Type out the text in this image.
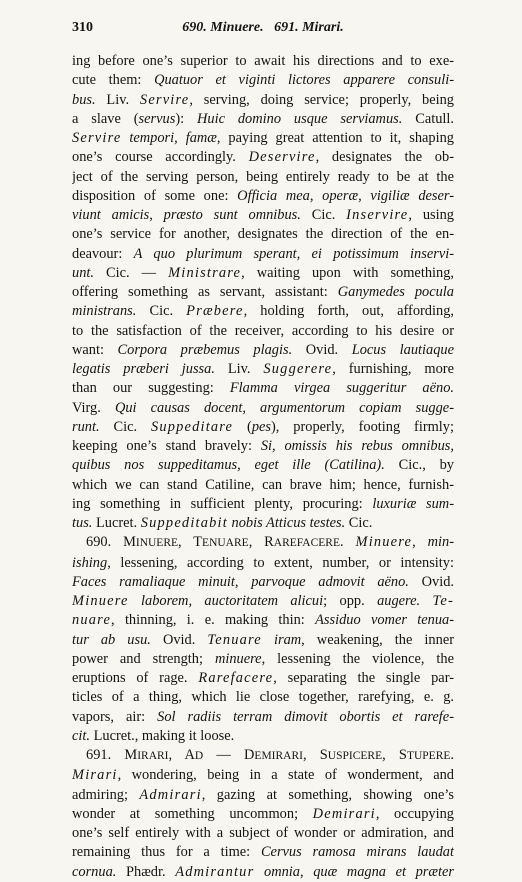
310	690. Minuere. 691. Mirari.
ing before one’s superior to await his directions and to exe-
cute them: Quatuor et viginti lictores apparere consuli-
bus. Liv. Servire, serving, doing service; properly, being
a slave (servus): Huic domino usque serviamus. Catull.
Servire tempori, famæ, paying great attention to it, shaping
one’s course accordingly. Deservire, designates the ob-
ject of the serving person, being entirely ready to be at the
disposition of some one: Officia mea, operæ, vigiliæ deser-
viunt amicis, præsto sunt omnibus. Cic. Inservire, using
one’s service for another, designates the direction of the en-
deavour: A quo plurimum sperant, ei potissimum inservi-
unt. Cic. — Ministrare, waiting upon with something,
offering something as servant, assistant: Ganymedes pocula
ministrans. Cic. Præbere, holding forth, out, affording,
to the satisfaction of the receiver, according to his desire or
want: Corpora præbemus plagis. Ovid. Locus lautiaque
legatis præberi jussa. Liv. Suggerere, furnishing, more
than our suggesting: Flamma virgea suggeritur aëno.
Virg. Qui causas docent, argumentorum copiam sugge-
runt. Cic. Suppeditare (pes), properly, footing firmly;
keeping one’s stand bravely: Si, omissis his rebus omnibus,
quibus nos suppeditamus, eget ille (Catilina). Cic., by
which we can stand Catiline, can brave him; hence, furnish-
ing something in sufficient plenty, procuring: luxuriæ sum-
tus. Lucret. Suppeditabit nobis Atticus testes. Cic.
690. MINUERE, TENUARE, RAREFACERE. Minuere, min-
ishing, lessening, according to extent, number, or intensity:
Faces ramaliaque minuit, parvoque admovit aëno. Ovid.
Minuere laborem, auctoritatem alicui; opp. augere. Te-
nuare, thinning, i. e. making thin: Assiduo vomer tenua-
tur ab usu. Ovid. Tenuare iram, weakening, the inner
power and strength; minuere, lessening the violence, the
eruptions of rage. Rarefacere, separating the single par-
ticles of a thing, which lie close together, rarefying, e. g.
vapors, air: Sol radiis terram dimovit obortis et rarefe-
cit. Lucret., making it loose.
691. MIRARI, AD — DEMIRARI, SUSPICERE, STUPERE.
Mirari, wondering, being in a state of wonderment, and
admiring; Admirari, gazing at something, showing one’s
wonder at something uncommon; Demirari, occupying
one’s self entirely with a subject of wonder or admiration, and
remaining thus for a time: Cervus ramosa mirans laudat
cornua. Phædr. Admirantur omnia, quæ magna et præter
